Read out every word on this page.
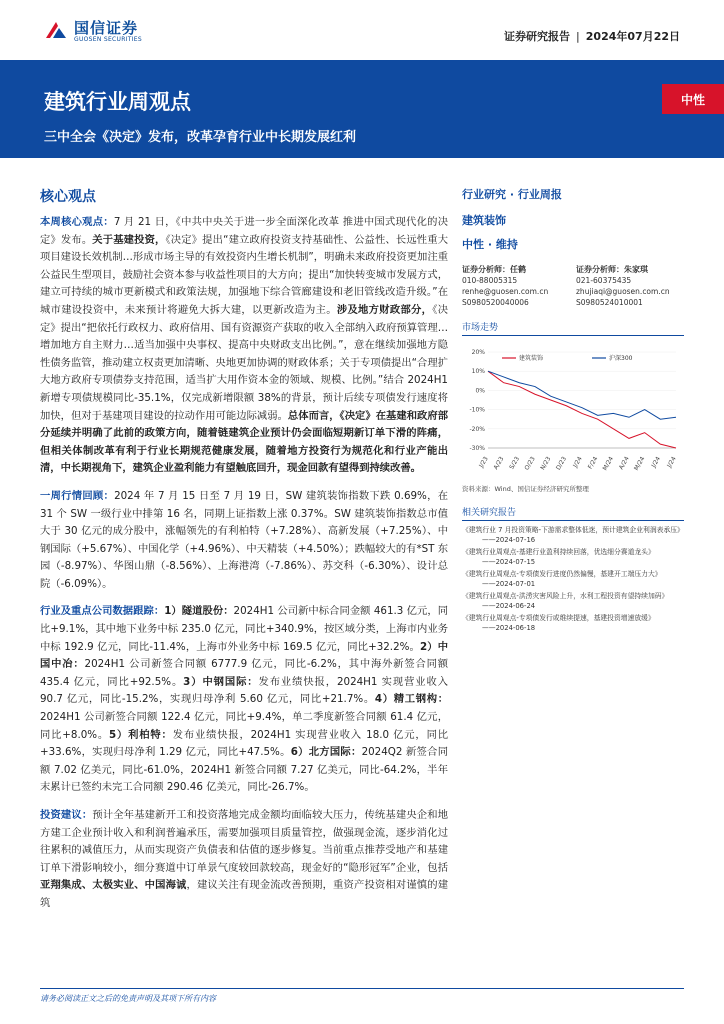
国信证券
GUOSEN SECURITIES	证券研究报告 | 2024年07月22日
建筑行业周观点
三中全会《决定》发布，改革孕育行业中长期发展红利
中性
核心观点

本周核心观点：7 月 21 日，《中共中央关于进一步全面深化改革 推进中国式现代化的决定》发布。关于基建投资，《决定》提出“建立政府投资支持基础性、公益性、长远性重大项目建设长效机制…形成市场主导的有效投资内生增长机制”，明确未来政府投资更加注重公益民生型项目，鼓励社会资本参与收益性项目的大方向；提出“加快转变城市发展方式，建立可持续的城市更新模式和政策法规，加强地下综合管廊建设和老旧管线改造升级。”在城市建设投资中，未来预计将避免大拆大建，以更新改造为主。涉及地方财政部分，《决定》提出“把依托行政权力、政府信用、国有资源资产获取的收入全部纳入政府预算管理…增加地方自主财力…适当加强中央事权、提高中央财政支出比例。”，意在继续加强地方隐性债务监管，推动建立权责更加清晰、央地更加协调的财政体系；关于专项债提出“合理扩大地方政府专项债券支持范围，适当扩大用作资本金的领域、规模、比例。”结合 2024H1 新增专项债规模同比-35.1%，仅完成新增限额 38%的背景，预计后续专项债发行速度将加快，但对于基建项目建设的拉动作用可能边际减弱。总体而言，《决定》在基建和政府部分延续并明确了此前的政策方向，随着链建筑企业预计仍会面临短期新订单下滑的阵痛，但相关体制改革有利于行业长期规范健康发展，随着地方投资行为规范化和行业产能出清，中长期视角下，建筑企业盈利能力有望触底回升，现金回款有望得到持续改善。

一周行情回顾：2024 年 7 月 15 日至 7 月 19 日，SW 建筑装饰指数下跌 0.69%，在 31 个 SW 一级行业中排第 16 名，同期上证指数上涨 0.37%。SW 建筑装饰指数总市值大于 30 亿元的成分股中，涨幅领先的有利柏特（+7.28%）、高新发展（+7.25%）、中钢国际（+5.67%）、中国化学（+4.96%）、中天精装（+4.50%）；跌幅较大的有*ST 东园（-8.97%）、华图山鼎（-8.56%）、上海港湾（-7.86%）、苏交科（-6.30%）、设计总院（-6.09%）。

行业及重点公司数据跟踪：1）隧道股份：2024H1 公司新中标合同金额 461.3 亿元，同比+9.1%，其中地下业务中标 235.0 亿元，同比+340.9%，按区域分类，上海市内业务中标 192.9 亿元，同比-11.4%，上海市外业务中标 169.5 亿元，同比+32.2%。2）中国中冶：2024H1 公司新签合同额 6777.9 亿元，同比-6.2%，其中海外新签合同额 435.4 亿元，同比+92.5%。3）中钢国际：发布业绩快报，2024H1 实现营业收入 90.7 亿元，同比-15.2%，实现归母净利 5.60 亿元，同比+21.7%。4）精工钢构：2024H1 公司新签合同额 122.4 亿元，同比+9.4%，单二季度新签合同额 61.4 亿元，同比+8.0%。5）利柏特：发布业绩快报，2024H1 实现营业收入 18.0 亿元，同比+33.6%，实现归母净利 1.29 亿元，同比+47.5%。6）北方国际：2024Q2 新签合同额 7.02 亿美元，同比-61.0%，2024H1 新签合同额 7.27 亿美元，同比-64.2%，半年末累计已签约未完工合同额 290.46 亿美元，同比-26.7%。

投资建议：预计全年基建新开工和投资落地完成金额均面临较大压力，传统基建央企和地方建工企业预计收入和利润普遍承压，需要加强项目质量管控，做强现金流，逐步消化过往累积的减值压力，从而实现资产负债表和估值的逐步修复。当前重点推荐受地产和基建订单下滑影响较小，细分赛道中订单景气度较回款较高，现金好的“隐形冠军”企业，包括亚翔集成、太极实业、中国海诚，建议关注有现金流改善预期，重资产投资相对谨慎的建筑

行业研究 · 行业周报
建筑装饰
中性 · 维持
证券分析师：任鹤
010-88005315
renhe@guosen.com.cn
S0980520040006
证券分析师：朱家琪
021-60375435
zhujiaqi@guosen.com.cn
S0980524010001
市场走势
20%
10%
0%
-10%
-20%
-30%
J/23 A/23 S/23 O/23 N/23 D/23 J/24 F/24 M/24 A/24 M/24 J/24 J/24
建筑装饰	沪深300
资料来源：Wind、国信证券经济研究所整理
相关研究报告
《建筑行业 7 月投资策略-下游需求整体低迷，预计建筑企业利润表承压》
——2024-07-16
《建筑行业周观点-基建行业盈利持续回落，优选细分赛道龙头》
——2024-07-15
《建筑行业周观点-专项债发行进度仍然偏慢，基建开工端压力大》
——2024-07-01
《建筑行业周观点-洪涝灾害风险上升，水利工程投资有望持续加码》
——2024-06-24
《建筑行业周观点-专项债发行或维续提速，基建投资增速放缓》
——2024-06-18
请务必阅读正文之后的免责声明及其项下所有内容
